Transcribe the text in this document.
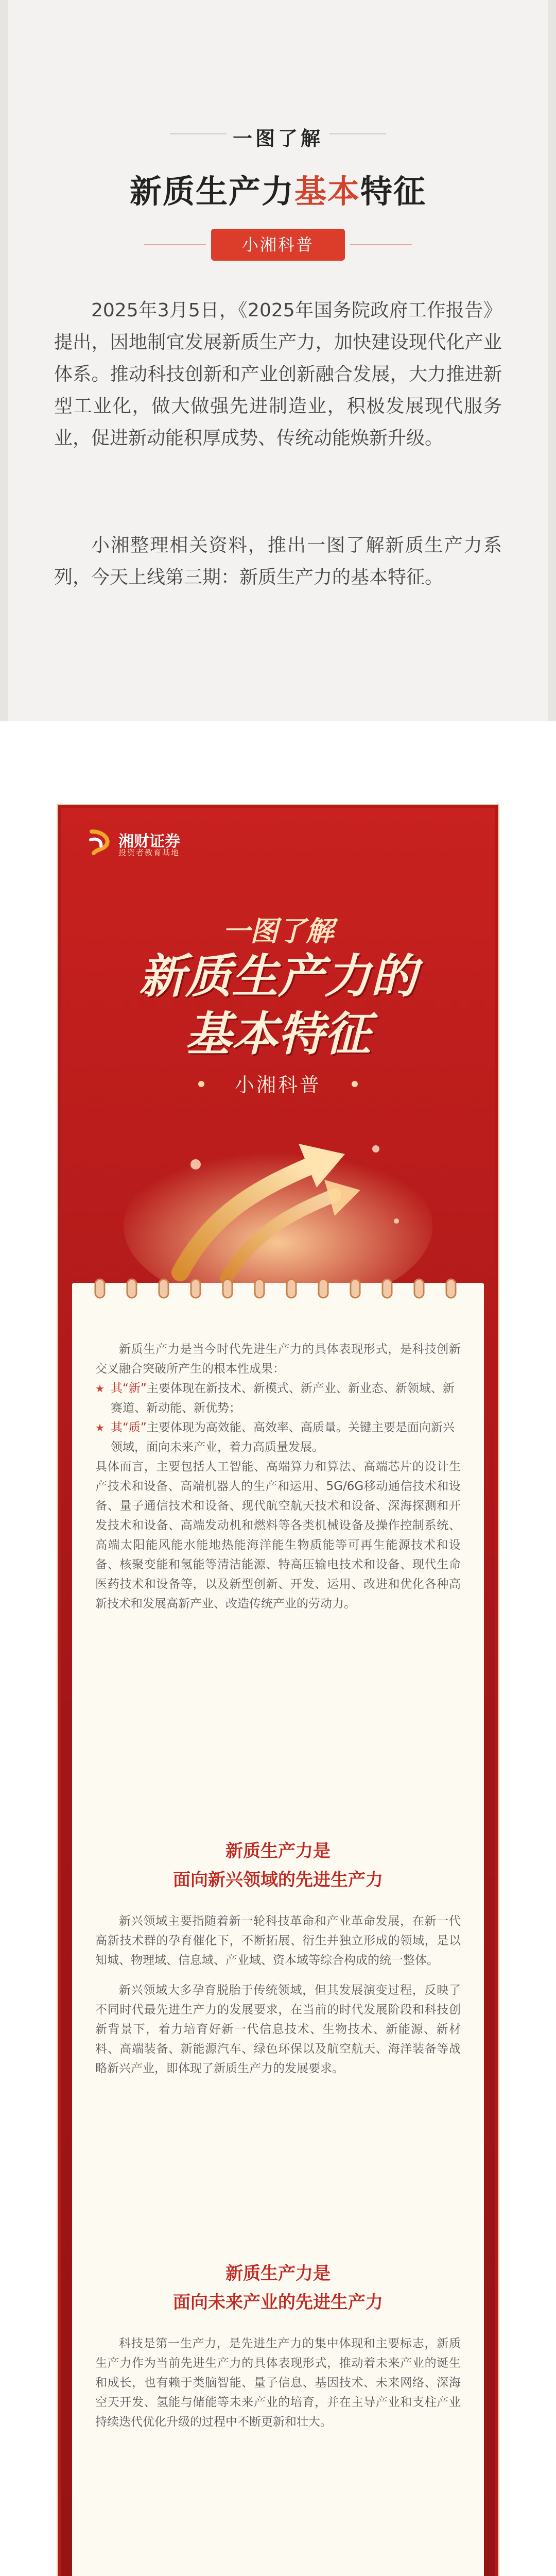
一图了解
新质生产力基本特征
小湘科普

2025年3月5日，《2025年国务院政府工作报告》提出，因地制宜发展新质生产力，加快建设现代化产业体系。推动科技创新和产业创新融合发展，大力推进新型工业化，做大做强先进制造业，积极发展现代服务业，促进新动能积厚成势、传统动能焕新升级。

小湘整理相关资料，推出一图了解新质生产力系列，今天上线第三期：新质生产力的基本特征。

湘财证券
投资者教育基地
一图了解
新质生产力的
基本特征
小湘科普

新质生产力是当今时代先进生产力的具体表现形式，是科技创新交叉融合突破所产生的根本性成果：

★ 其“新”主要体现在新技术、新模式、新产业、新业态、新领域、新赛道、新动能、新优势；

★ 其“质”主要体现为高效能、高效率、高质量。关键主要是面向新兴领域，面向未来产业，着力高质量发展。

具体而言，主要包括人工智能、高端算力和算法、高端芯片的设计生产技术和设备、高端机器人的生产和运用、5G/6G移动通信技术和设备、量子通信技术和设备、现代航空航天技术和设备、深海探测和开发技术和设备、高端发动机和燃料等各类机械设备及操作控制系统、高端太阳能风能水能地热能海洋能生物质能等可再生能源技术和设备、核聚变能和氢能等清洁能源、特高压输电技术和设备、现代生命医药技术和设备等，以及新型创新、开发、运用、改进和优化各种高新技术和发展高新产业、改造传统产业的劳动力。

新质生产力是
面向新兴领域的先进生产力

新兴领域主要指随着新一轮科技革命和产业革命发展，在新一代高新技术群的孕育催化下，不断拓展、衍生并独立形成的领域，是以知城、物理域、信息域、产业域、资本域等综合构成的统一整体。

新兴领域大多孕育脱胎于传统领域，但其发展演变过程，反映了不同时代最先进生产力的发展要求，在当前的时代发展阶段和科技创新背景下，着力培育好新一代信息技术、生物技术、新能源、新材料、高端装备、新能源汽车、绿色环保以及航空航天、海洋装备等战略新兴产业，即体现了新质生产力的发展要求。

新质生产力是
面向未来产业的先进生产力

科技是第一生产力，是先进生产力的集中体现和主要标志，新质生产力作为当前先进生产力的具体表现形式，推动着未来产业的诞生和成长，也有赖于类脑智能、量子信息、基因技术、未来网络、深海空天开发、氢能与储能等未来产业的培育，并在主导产业和支柱产业持续迭代优化升级的过程中不断更新和壮大。
